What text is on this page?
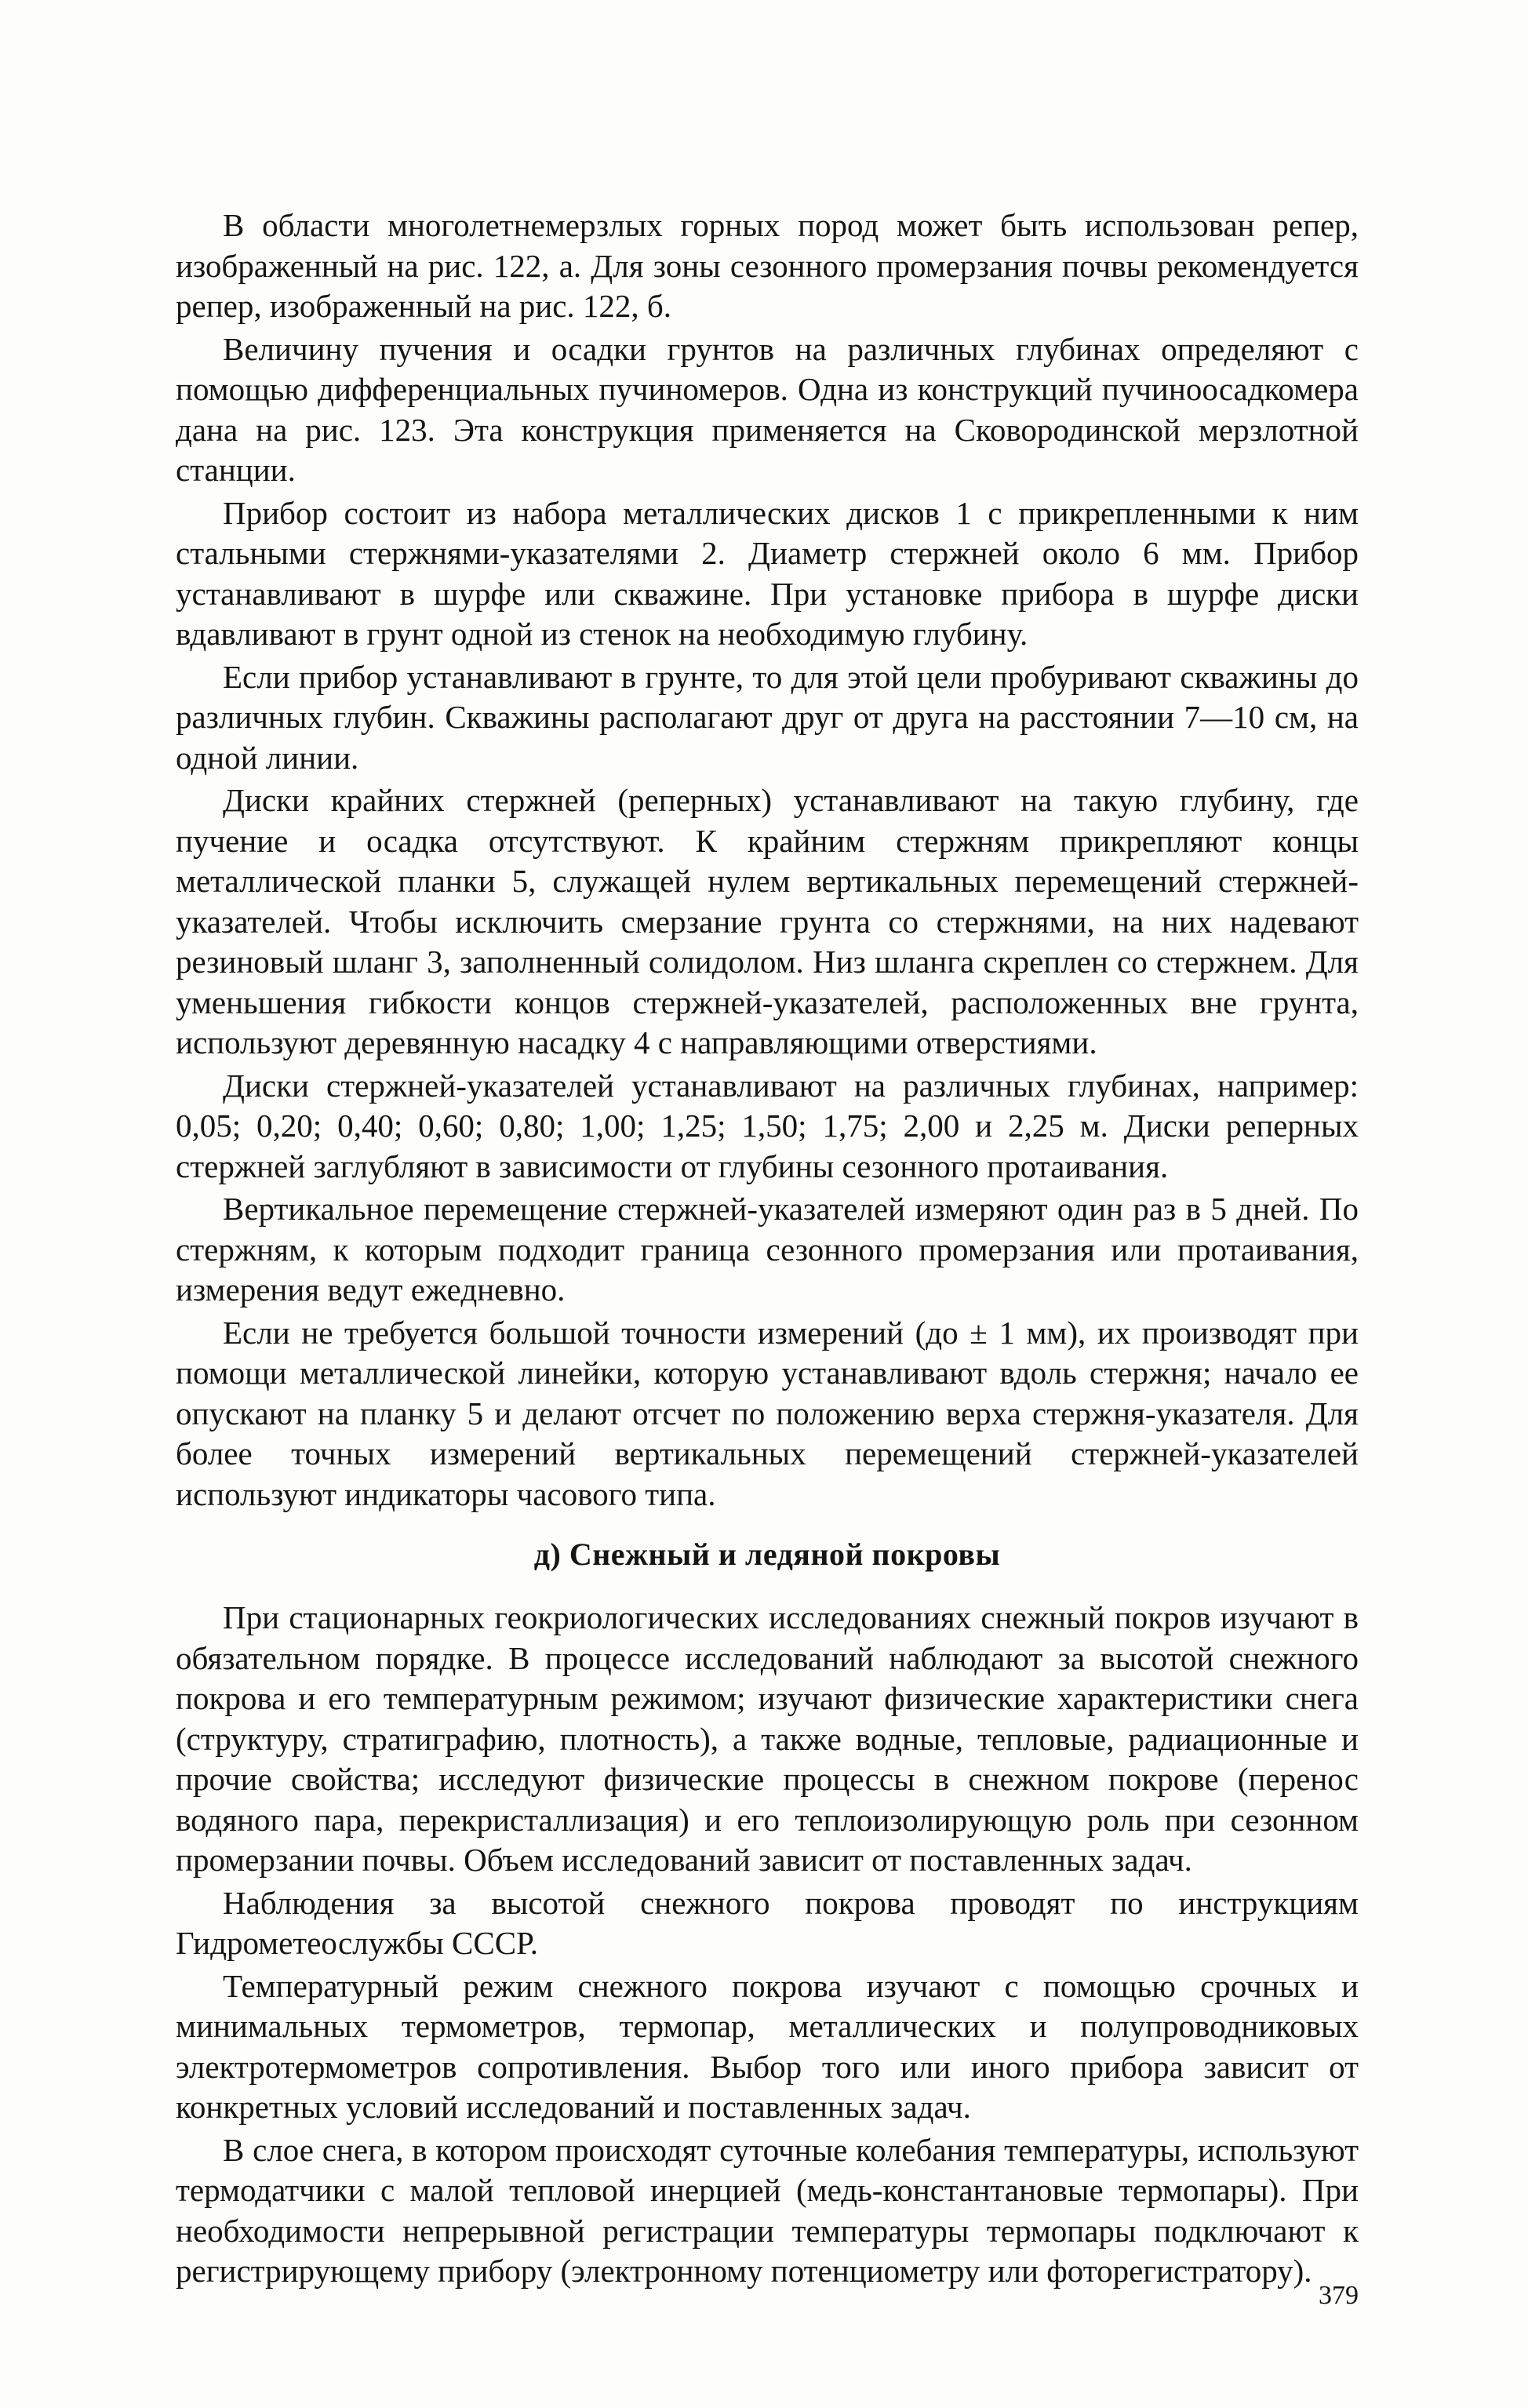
В области многолетнемерзлых горных пород может быть использован репер, изображенный на рис. 122, а. Для зоны сезонного промерзания почвы рекомендуется репер, изображенный на рис. 122, б.

Величину пучения и осадки грунтов на различных глубинах определяют с помощью дифференциальных пучиномеров. Одна из конструкций пучиноосадкомера дана на рис. 123. Эта конструкция применяется на Сковородинской мерзлотной станции.

Прибор состоит из набора металлических дисков 1 с прикрепленными к ним стальными стержнями-указателями 2. Диаметр стержней около 6 мм. Прибор устанавливают в шурфе или скважине. При установке прибора в шурфе диски вдавливают в грунт одной из стенок на необходимую глубину.

Если прибор устанавливают в грунте, то для этой цели пробуривают скважины до различных глубин. Скважины располагают друг от друга на расстоянии 7—10 см, на одной линии.

Диски крайних стержней (реперных) устанавливают на такую глубину, где пучение и осадка отсутствуют. К крайним стержням прикрепляют концы металлической планки 5, служащей нулем вертикальных перемещений стержней-указателей. Чтобы исключить смерзание грунта со стержнями, на них надевают резиновый шланг 3, заполненный солидолом. Низ шланга скреплен со стержнем. Для уменьшения гибкости концов стержней-указателей, расположенных вне грунта, используют деревянную насадку 4 с направляющими отверстиями.

Диски стержней-указателей устанавливают на различных глубинах, например: 0,05; 0,20; 0,40; 0,60; 0,80; 1,00; 1,25; 1,50; 1,75; 2,00 и 2,25 м. Диски реперных стержней заглубляют в зависимости от глубины сезонного протаивания.

Вертикальное перемещение стержней-указателей измеряют один раз в 5 дней. По стержням, к которым подходит граница сезонного промерзания или протаивания, измерения ведут ежедневно.

Если не требуется большой точности измерений (до ± 1 мм), их производят при помощи металлической линейки, которую устанавливают вдоль стержня; начало ее опускают на планку 5 и делают отсчет по положению верха стержня-указателя. Для более точных измерений вертикальных перемещений стержней-указателей используют индикаторы часового типа.

д) Снежный и ледяной покровы

При стационарных геокриологических исследованиях снежный покров изучают в обязательном порядке. В процессе исследований наблюдают за высотой снежного покрова и его температурным режимом; изучают физические характеристики снега (структуру, стратиграфию, плотность), а также водные, тепловые, радиационные и прочие свойства; исследуют физические процессы в снежном покрове (перенос водяного пара, перекристаллизация) и его теплоизолирующую роль при сезонном промерзании почвы. Объем исследований зависит от поставленных задач.

Наблюдения за высотой снежного покрова проводят по инструкциям Гидрометеослужбы СССР.

Температурный режим снежного покрова изучают с помощью срочных и минимальных термометров, термопар, металлических и полупроводниковых электротермометров сопротивления. Выбор того или иного прибора зависит от конкретных условий исследований и поставленных задач.

В слое снега, в котором происходят суточные колебания температуры, используют термодатчики с малой тепловой инерцией (медь-константановые термопары). При необходимости непрерывной регистрации температуры термопары подключают к регистрирующему прибору (электронному потенциометру или фоторегистратору).

379
